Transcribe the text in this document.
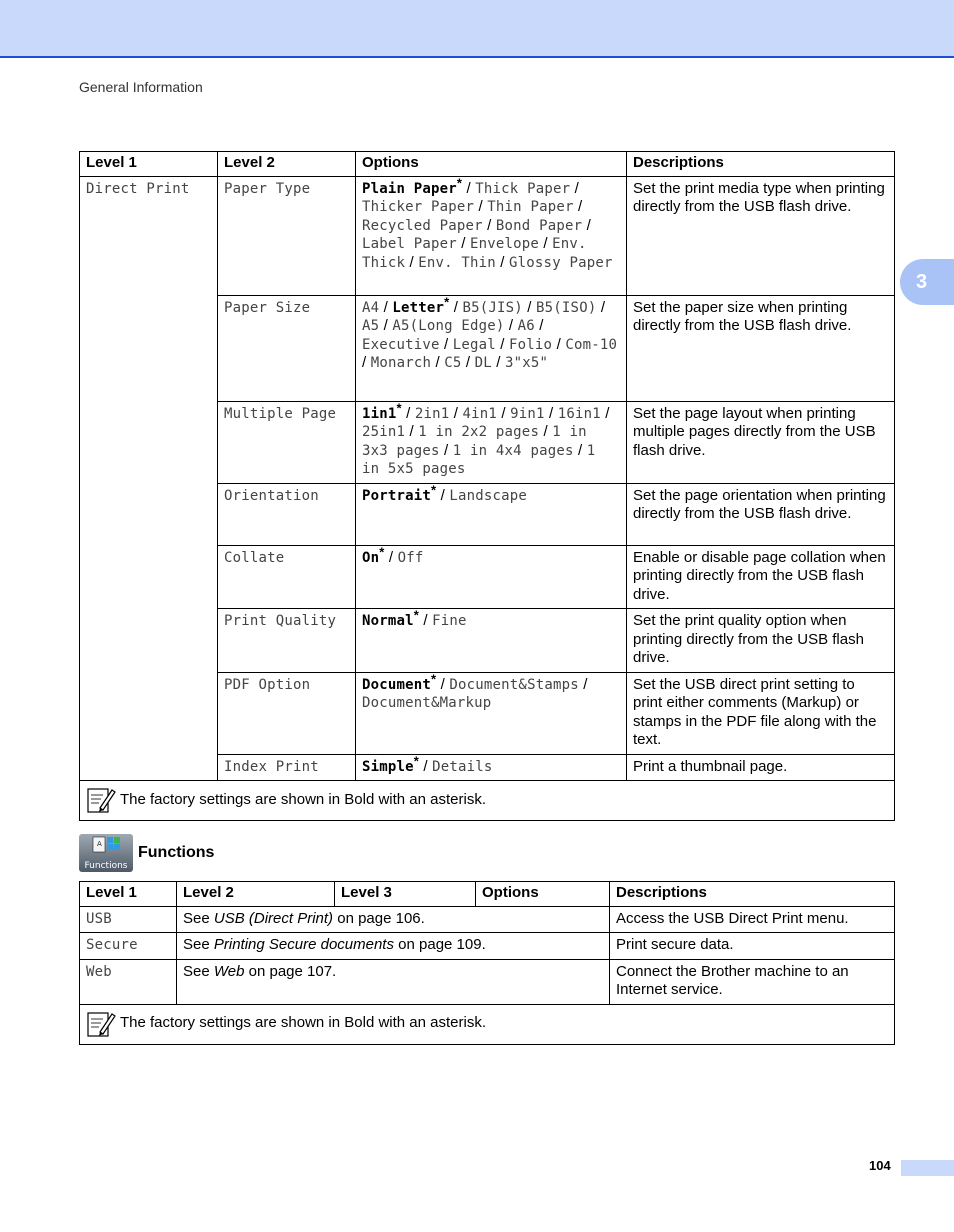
General Information
3
Level 1	Level 2	Options	Descriptions
Direct Print	Paper Type	Plain Paper* / Thick Paper / Thicker Paper / Thin Paper / Recycled Paper / Bond Paper / Label Paper / Envelope / Env. Thick / Env. Thin / Glossy Paper	Set the print media type when printing directly from the USB flash drive.
	Paper Size	A4 / Letter* / B5(JIS) / B5(ISO) / A5 / A5(Long Edge) / A6 / Executive / Legal / Folio / Com-10 / Monarch / C5 / DL / 3"x5"	Set the paper size when printing directly from the USB flash drive.
	Multiple Page	1in1* / 2in1 / 4in1 / 9in1 / 16in1 / 25in1 / 1 in 2x2 pages / 1 in 3x3 pages / 1 in 4x4 pages / 1 in 5x5 pages	Set the page layout when printing multiple pages directly from the USB flash drive.
	Orientation	Portrait* / Landscape	Set the page orientation when printing directly from the USB flash drive.
	Collate	On* / Off	Enable or disable page collation when printing directly from the USB flash drive.
	Print Quality	Normal* / Fine	Set the print quality option when printing directly from the USB flash drive.
	PDF Option	Document* / Document&Stamps / Document&Markup	Set the USB direct print setting to print either comments (Markup) or stamps in the PDF file along with the text.
	Index Print	Simple* / Details	Print a thumbnail page.

The factory settings are shown in Bold with an asterisk.			
A
Functions
Functions
Level 1	Level 2	Level 3	Options	Descriptions
USB	See USB (Direct Print) on page 106.			Access the USB Direct Print menu.
Secure	See Printing Secure documents on page 109.			Print secure data.
Web	See Web on page 107.			Connect the Brother machine to an Internet service.

The factory settings are shown in Bold with an asterisk.				
104
